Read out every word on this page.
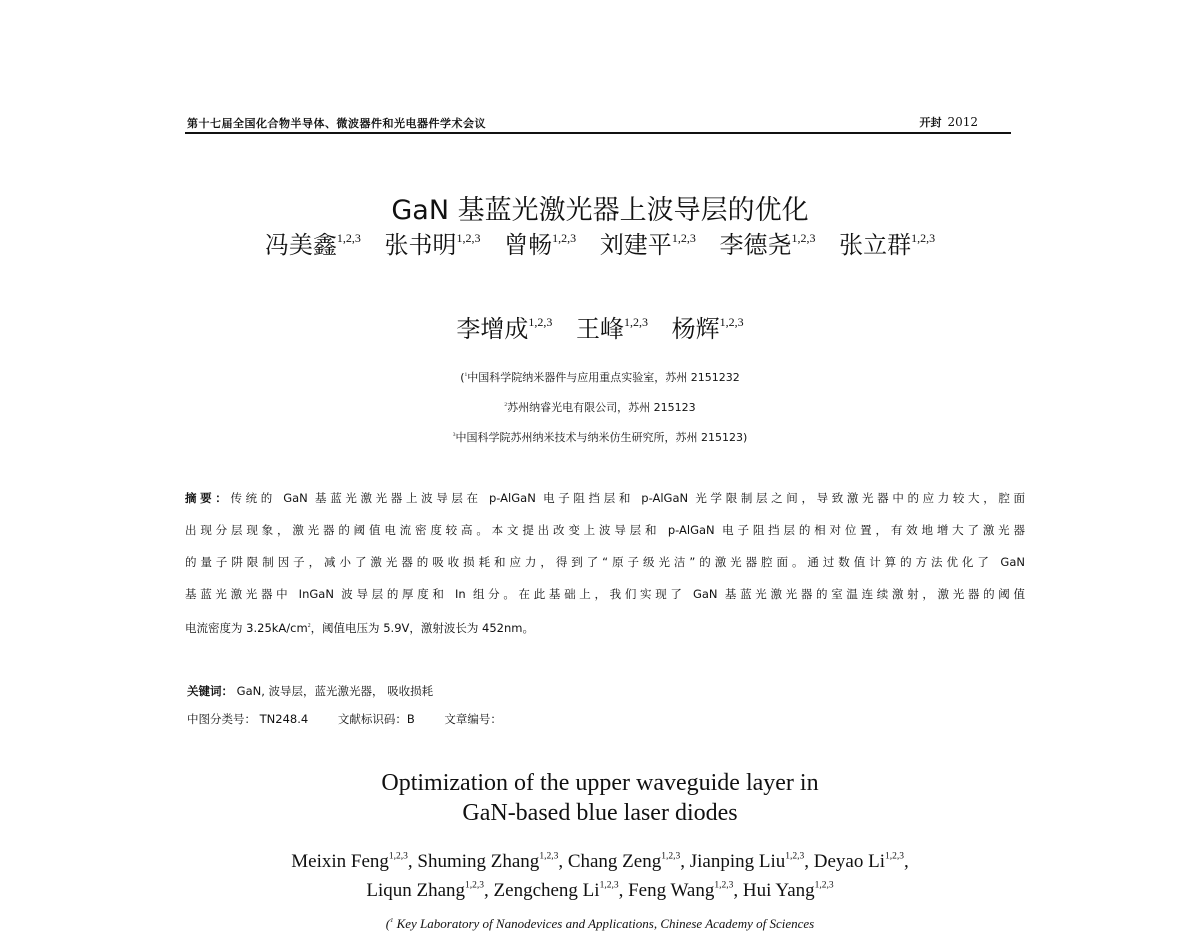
第十七届全国化合物半导体、微波器件和光电器件学术会议	开封 2012
GaN 基蓝光激光器上波导层的优化
冯美鑫$^{1,2,3}$ 张书明$^{1,2,3}$ 曾畅$^{1,2,3}$ 刘建平$^{1,2,3}$ 李德尧$^{1,2,3}$ 张立群$^{1,2,3}$
李增成$^{1,2,3}$ 王峰$^{1,2,3}$ 杨辉$^{1,2,3}$
($^1$中国科学院纳米器件与应用重点实验室，苏州 2151232
$^2$苏州纳睿光电有限公司，苏州 215123
$^3$中国科学院苏州纳米技术与纳米仿生研究所，苏州 215123)
摘要：传统的 GaN 基蓝光激光器上波导层在 p-AlGaN 电子阻挡层和 p-AlGaN 光学限制层之间，导致激光器中的应力较大，腔面
出现分层现象，激光器的阈值电流密度较高。本文提出改变上波导层和 p-AlGaN 电子阻挡层的相对位置，有效地增大了激光器
的量子阱限制因子，减小了激光器的吸收损耗和应力，得到了“原子级光洁”的激光器腔面。通过数值计算的方法优化了 GaN
基蓝光激光器中 InGaN 波导层的厚度和 In 组分。在此基础上，我们实现了 GaN 基蓝光激光器的室温连续激射，激光器的阈值
电流密度为 $3.25kA/cm^2$，阈值电压为 5.9V，激射波长为 452nm。
关键词： GaN, 波导层，蓝光激光器， 吸收损耗
中图分类号： TN248.4	文献标识码：B	文章编号：
Optimization of the upper waveguide layer in
GaN-based blue laser diodes
Meixin Feng$^{1,2,3}$, Shuming Zhang$^{1,2,3}$, Chang Zeng$^{1,2,3}$, Jianping Liu$^{1,2,3}$, Deyao Li$^{1,2,3}$,
Liqun Zhang$^{1,2,3}$, Zengcheng Li$^{1,2,3}$, Feng Wang$^{1,2,3}$, Hui Yang$^{1,2,3}$
($^1$ Key Laboratory of Nanodevices and Applications, Chinese Academy of Sciences
